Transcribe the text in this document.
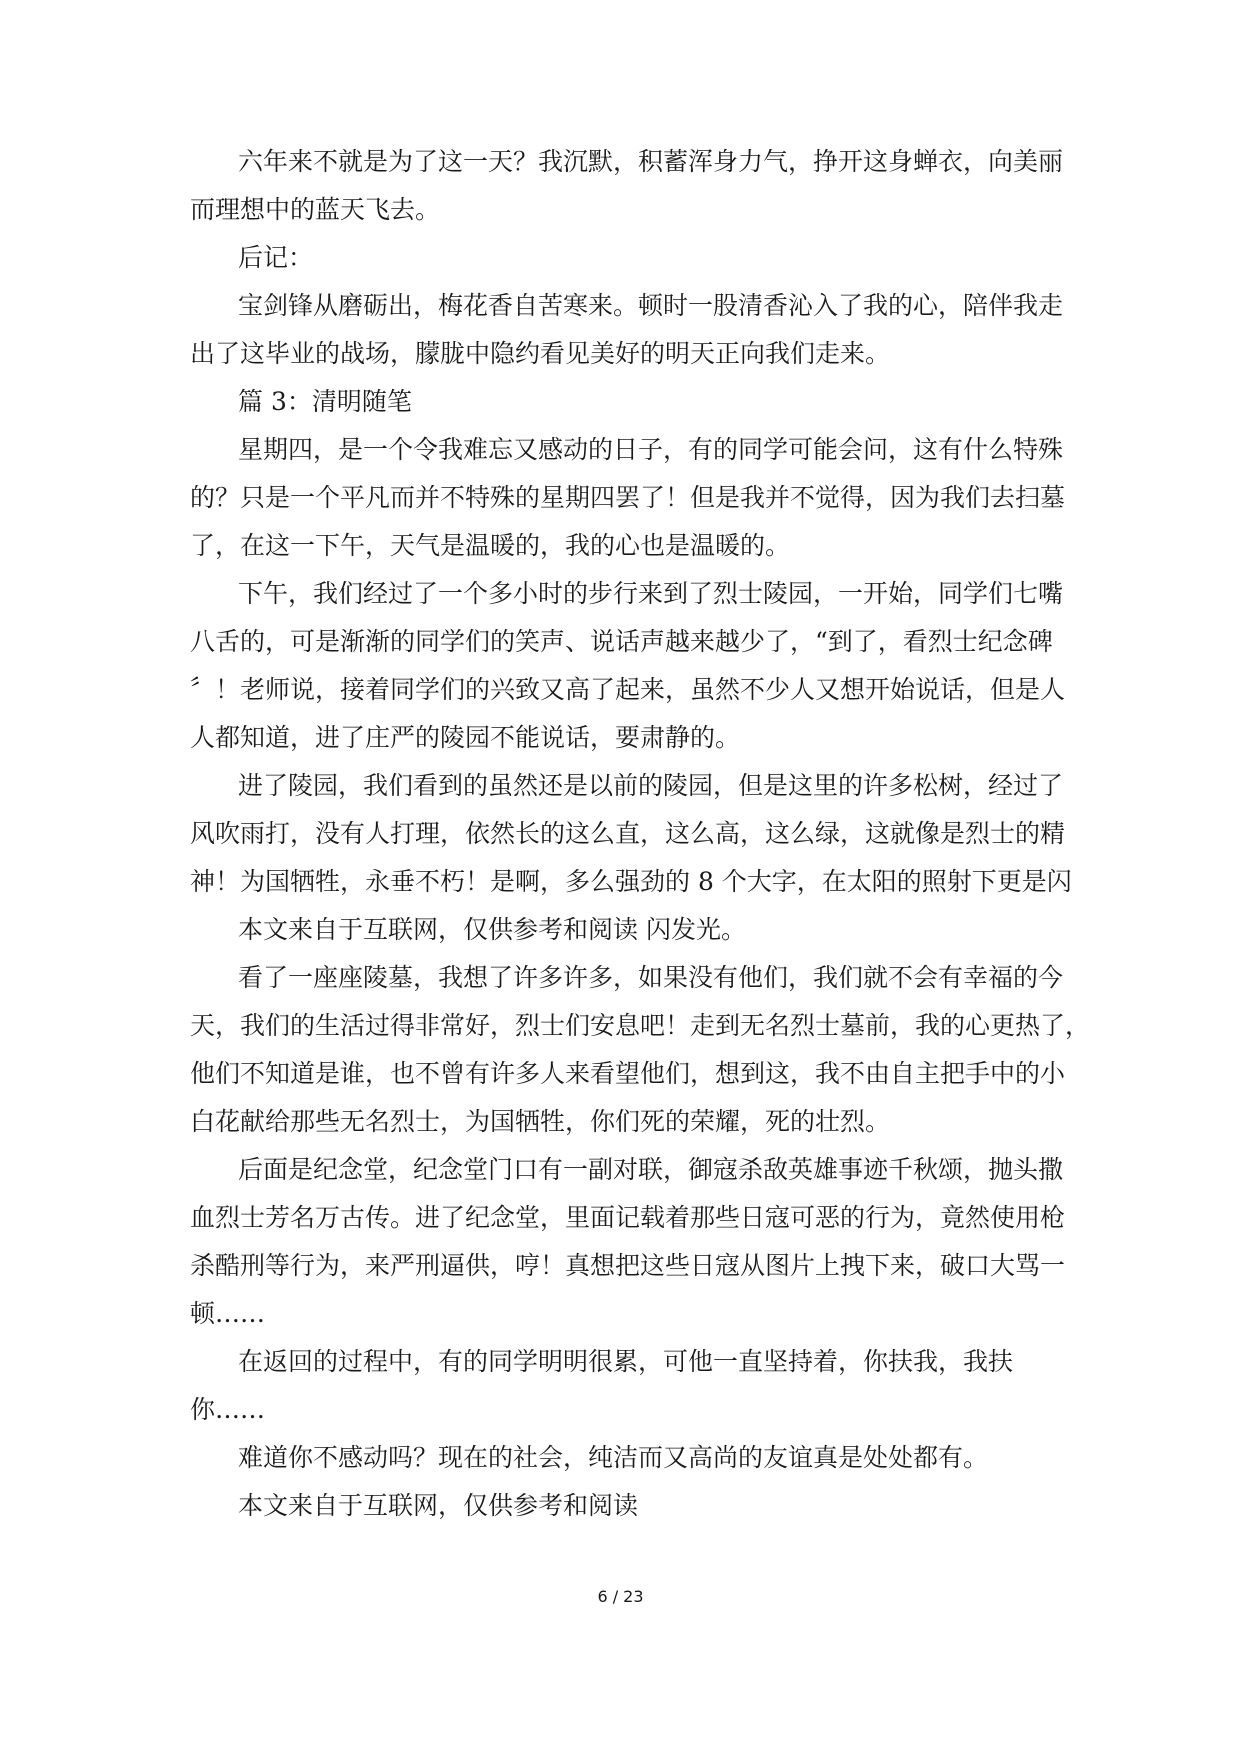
六年来不就是为了这一天？我沉默，积蓄浑身力气，挣开这身蝉衣，向美丽
而理想中的蓝天飞去。
后记：
宝剑锋从磨砺出，梅花香自苦寒来。顿时一股清香沁入了我的心，陪伴我走
出了这毕业的战场，朦胧中隐约看见美好的明天正向我们走来。
篇 3：清明随笔
星期四，是一个令我难忘又感动的日子，有的同学可能会问，这有什么特殊
的？只是一个平凡而并不特殊的星期四罢了！但是我并不觉得，因为我们去扫墓
了，在这一下午，天气是温暖的，我的心也是温暖的。
下午，我们经过了一个多小时的步行来到了烈士陵园，一开始，同学们七嘴
八舌的，可是渐渐的同学们的笑声、说话声越来越少了，“到了，看烈士纪念碑
〞！老师说，接着同学们的兴致又高了起来，虽然不少人又想开始说话，但是人
人都知道，进了庄严的陵园不能说话，要肃静的。
进了陵园，我们看到的虽然还是以前的陵园，但是这里的许多松树，经过了
风吹雨打，没有人打理，依然长的这么直，这么高，这么绿，这就像是烈士的精
神！为国牺牲，永垂不朽！是啊，多么强劲的 8 个大字，在太阳的照射下更是闪
本文来自于互联网，仅供参考和阅读 闪发光。
看了一座座陵墓，我想了许多许多，如果没有他们，我们就不会有幸福的今
天，我们的生活过得非常好，烈士们安息吧！走到无名烈士墓前，我的心更热了，
他们不知道是谁，也不曾有许多人来看望他们，想到这，我不由自主把手中的小
白花献给那些无名烈士，为国牺牲，你们死的荣耀，死的壮烈。
后面是纪念堂，纪念堂门口有一副对联，御寇杀敌英雄事迹千秋颂，抛头撒
血烈士芳名万古传。进了纪念堂，里面记载着那些日寇可恶的行为，竟然使用枪
杀酷刑等行为，来严刑逼供，哼！真想把这些日寇从图片上拽下来，破口大骂一
顿……
在返回的过程中，有的同学明明很累，可他一直坚持着，你扶我，我扶
你……
难道你不感动吗？现在的社会，纯洁而又高尚的友谊真是处处都有。
本文来自于互联网，仅供参考和阅读
6 / 23
